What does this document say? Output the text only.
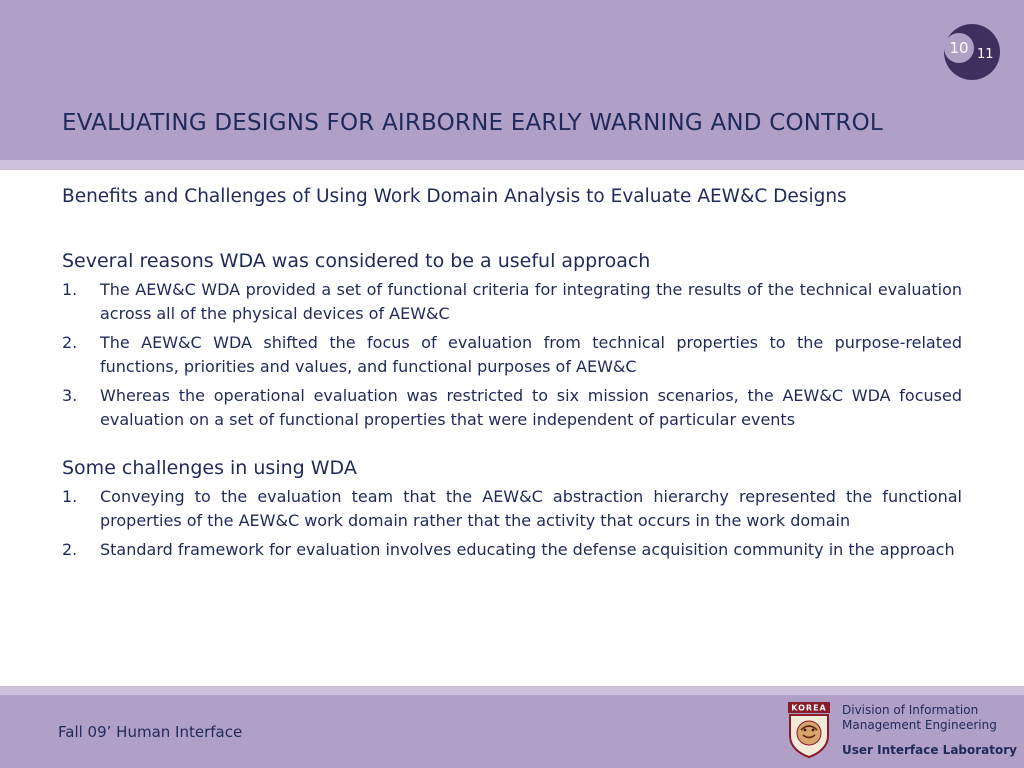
EVALUATING DESIGNS FOR AIRBORNE EARLY WARNING AND CONTROL
10 11
Benefits and Challenges of Using Work Domain Analysis to Evaluate AEW&C Designs
Several reasons WDA was considered to be a useful approach
1. The AEW&C WDA provided a set of functional criteria for integrating the results of the technical evaluation across all of the physical devices of AEW&C
2. The AEW&C WDA shifted the focus of evaluation from technical properties to the purpose-related functions, priorities and values, and functional purposes of AEW&C
3. Whereas the operational evaluation was restricted to six mission scenarios, the AEW&C WDA focused evaluation on a set of functional properties that were independent of particular events
Some challenges in using WDA
1. Conveying to the evaluation team that the AEW&C abstraction hierarchy represented the functional properties of the AEW&C work domain rather that the activity that occurs in the work domain
2. Standard framework for evaluation involves educating the defense acquisition community in the approach
Fall 09’ Human Interface
KOREA Division of Information
Management Engineering
User Interface Laboratory
